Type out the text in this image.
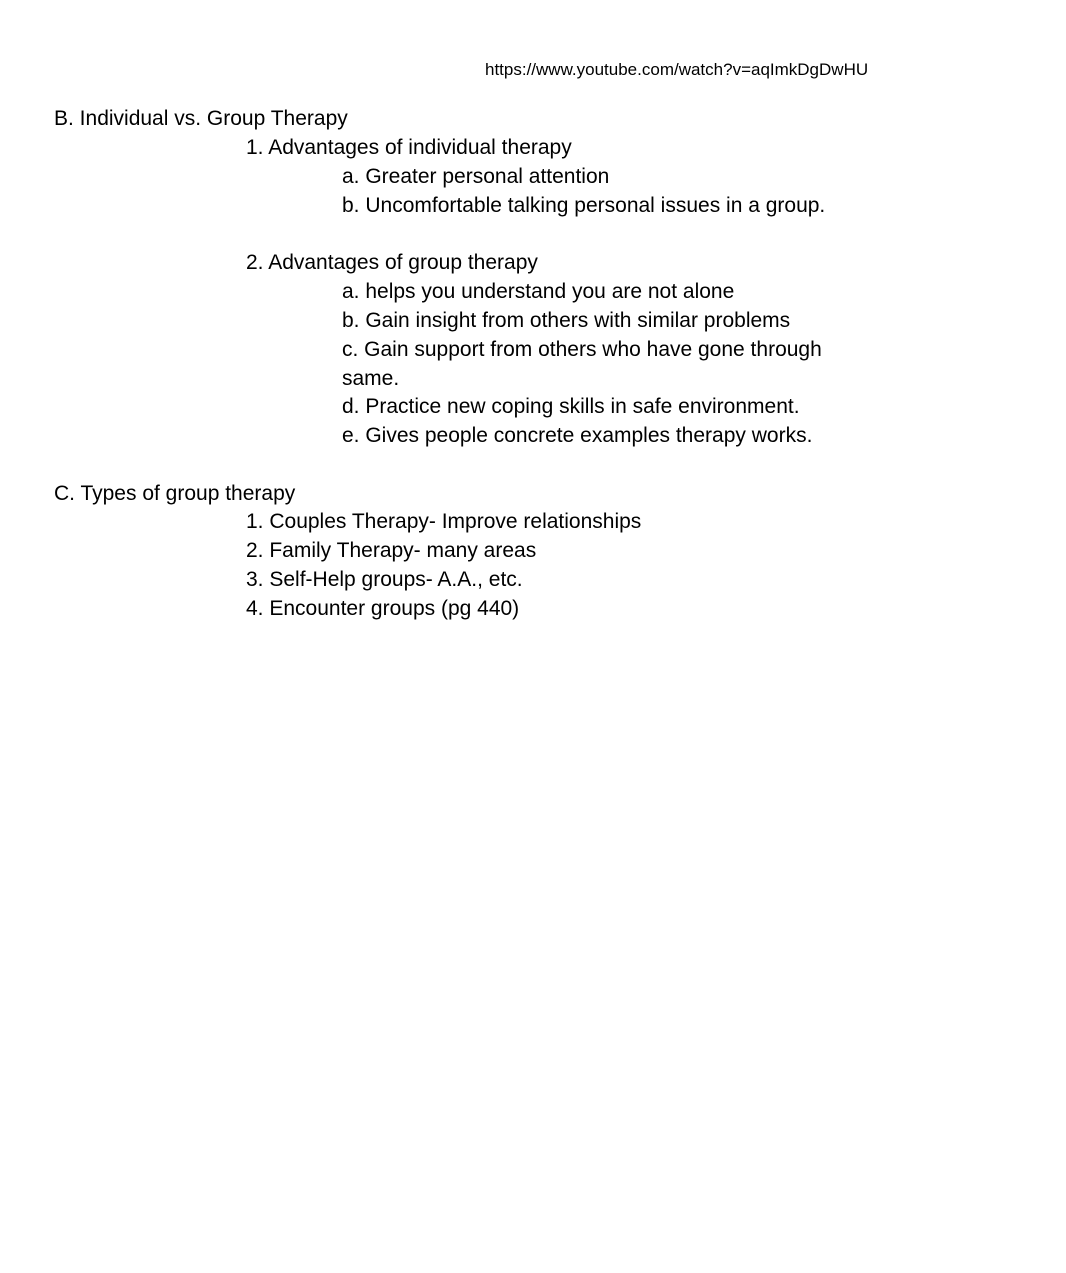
https://www.youtube.com/watch?v=aqImkDgDwHU
B. Individual vs. Group Therapy
1. Advantages of individual therapy
a. Greater personal attention
b. Uncomfortable talking personal issues in a group.
2. Advantages of group therapy
a. helps you understand you are not alone
b. Gain insight from others with similar problems
c. Gain support from others who have gone through
same.
d. Practice new coping skills in safe environment.
e. Gives people concrete examples therapy works.
C. Types of group therapy
1. Couples Therapy- Improve relationships
2. Family Therapy- many areas
3. Self-Help groups- A.A., etc.
4. Encounter groups (pg 440)
